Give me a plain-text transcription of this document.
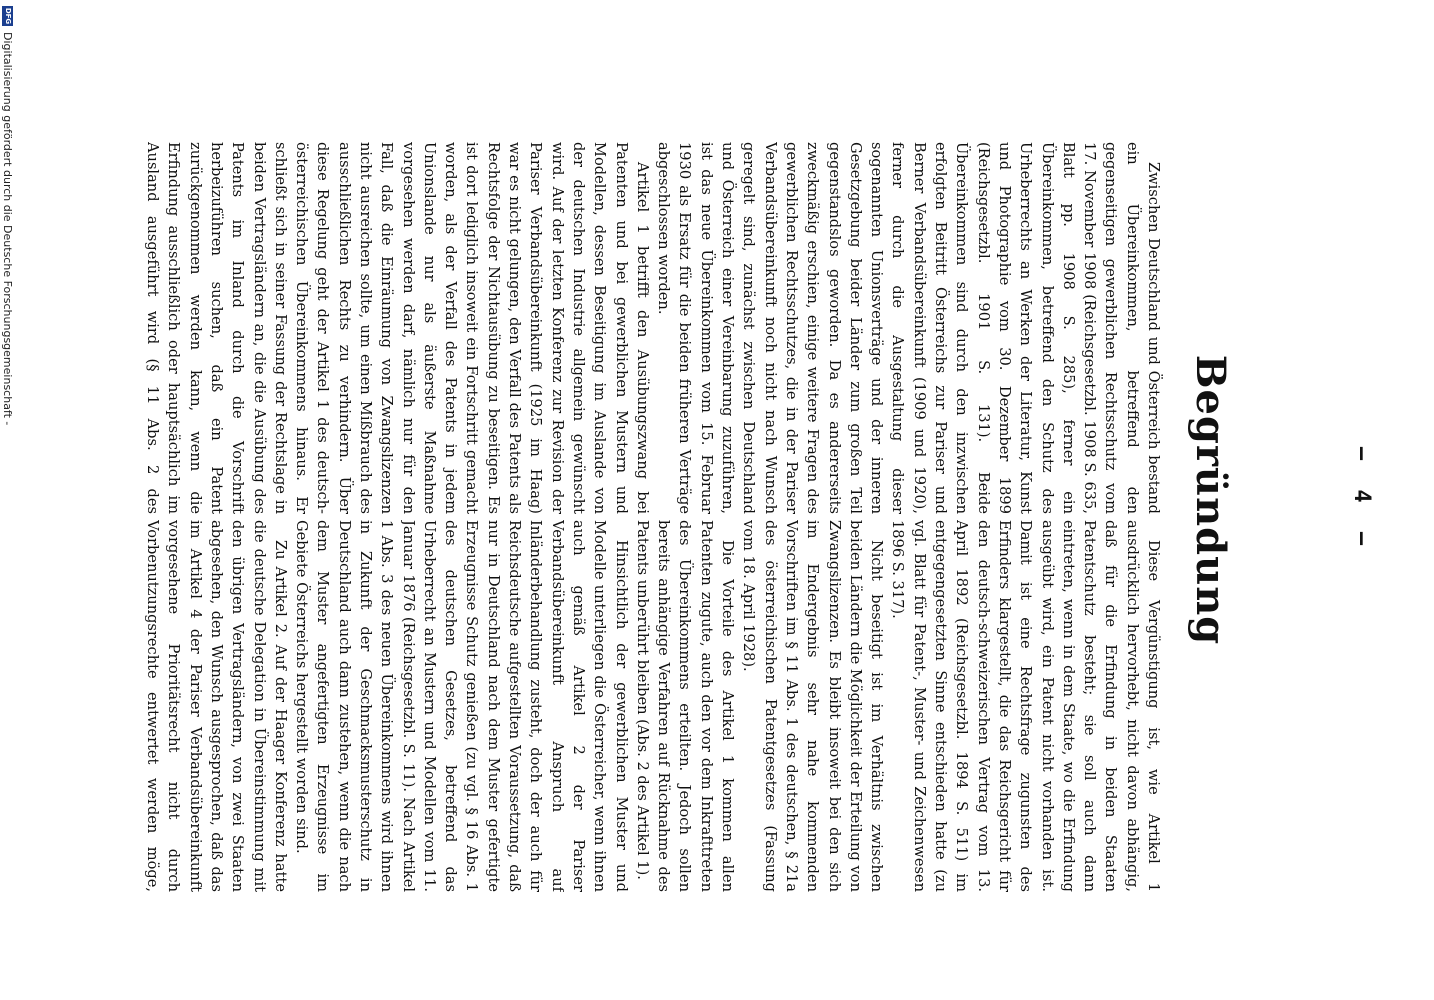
— 4 —
Begründung

Zwischen Deutschland und Österreich bestand ein Übereinkommen, betreffend den gegenseitigen gewerblichen Rechtsschutz vom 17. November 1908 (Reichsgesetzbl. 1908 S. 635, Blatt pp. 1908 S. 285), ferner ein Übereinkommen, betreffend den Schutz des Urheberrechts an Werken der Literatur, Kunst und Photographie vom 30. Dezember 1899 (Reichsgesetzbl. 1901 S. 131). Beide Übereinkommen sind durch den inzwischen erfolgten Beitritt Österreichs zur Pariser und Berner Verbandsübereinkunft (1909 und 1920), ferner durch die Ausgestaltung dieser sogenannten Unionsverträge und der inneren Gesetzgebung beider Länder zum großen Teil gegenstandslos geworden. Da es andererseits zweckmäßig erschien, einige weitere Fragen des gewerblichen Rechtsschutzes, die in der Pariser Verbandsübereinkunft noch nicht nach Wunsch geregelt sind, zunächst zwischen Deutschland und Österreich einer Vereinbarung zuzuführen, ist das neue Übereinkommen vom 15. Februar 1930 als Ersatz für die beiden früheren Verträge abgeschlossen worden.

Artikel 1 betrifft den Ausübungszwang bei Patenten und bei gewerblichen Mustern und Modellen, dessen Beseitigung im Auslande von der deutschen Industrie allgemein gewünscht wird. Auf der letzten Konferenz zur Revision der Pariser Verbandsübereinkunft (1925 im Haag) war es nicht gelungen, den Verfall des Patents als Rechtsfolge der Nichtausübung zu beseitigen. Es ist dort lediglich insoweit ein Fortschritt gemacht worden, als der Verfall des Patents in jedem Unionslande nur als äußerste Maßnahme vorgesehen werden darf, nämlich nur für den Fall, daß die Einräumung von Zwangslizenzen nicht ausreichen sollte, um einen Mißbrauch des ausschließlichen Rechts zu verhindern. Über diese Regelung geht der Artikel 1 des deutsch-österreichischen Übereinkommens hinaus. Er schließt sich in seiner Fassung der Rechtslage in beiden Vertragsländern an, die die Ausübung des Patents im Inland durch die Vorschrift herbeizuführen suchen, daß ein Patent zurückgenommen werden kann, wenn die Erfindung ausschließlich oder hauptsächlich im Ausland ausgeführt wird (§ 11 Abs. 2 des

Diese Vergünstigung ist, wie Artikel 1 ausdrücklich hervorhebt, nicht davon abhängig, daß für die Erfindung in beiden Staaten Patentschutz besteht; sie soll auch dann eintreten, wenn in dem Staate, wo die Erfindung ausgeübt wird, ein Patent nicht vorhanden ist. Damit ist eine Rechtsfrage zugunsten des Erfinders klargestellt, die das Reichsgericht für den deutsch-schweizerischen Vertrag vom 13. April 1892 (Reichsgesetzbl. 1894 S. 511) im entgegengesetzten Sinne entschieden hatte (zu vgl. Blatt für Patent-, Muster- und Zeichenwesen 1896 S. 317).

Nicht beseitigt ist im Verhältnis zwischen beiden Ländern die Möglichkeit der Erteilung von Zwangslizenzen. Es bleibt insoweit bei den sich im Endergebnis sehr nahe kommenden Vorschriften im § 11 Abs. 1 des deutschen, § 21a des österreichischen Patentgesetzes (Fassung vom 18. April 1928).

Die Vorteile des Artikel 1 kommen allen Patenten zugute, auch den vor dem Inkrafttreten des Übereinkommens erteilten. Jedoch sollen bereits anhängige Verfahren auf Rücknahme des Patents unberührt bleiben (Abs. 2 des Artikel 1).

Hinsichtlich der gewerblichen Muster und Modelle unterliegen die Österreicher, wenn ihnen auch gemäß Artikel 2 der Pariser Verbandsübereinkunft Anspruch auf Inländerbehandlung zusteht, doch der auch für Reichsdeutsche aufgestellten Voraussetzung, daß nur in Deutschland nach dem Muster gefertigte Erzeugnisse Schutz genießen (zu vgl. § 16 Abs. 1 des deutschen Gesetzes, betreffend das Urheberrecht an Mustern und Modellen vom 11. Januar 1876 (Reichsgesetzbl. S. 11). Nach Artikel 1 Abs. 3 des neuen Übereinkommens wird ihnen in Zukunft der Geschmacksmusterschutz in Deutschland auch dann zustehen, wenn die nach dem Muster angefertigten Erzeugnisse im Gebiete Österreichs hergestellt worden sind.

Zu Artikel 2. Auf der Haager Konferenz hatte die deutsche Delegation in Übereinstimmung mit den übrigen Vertragsländern, von zwei Staaten abgesehen, den Wunsch ausgesprochen, daß das im Artikel 4 der Pariser Verbandsübereinkunft vorgesehene Prioritätsrecht nicht durch Vorbenutzungsrechte entwertet werden möge,

DFG
Digitalisierung gefördert durch die Deutsche Forschungsgemeinschaft -
